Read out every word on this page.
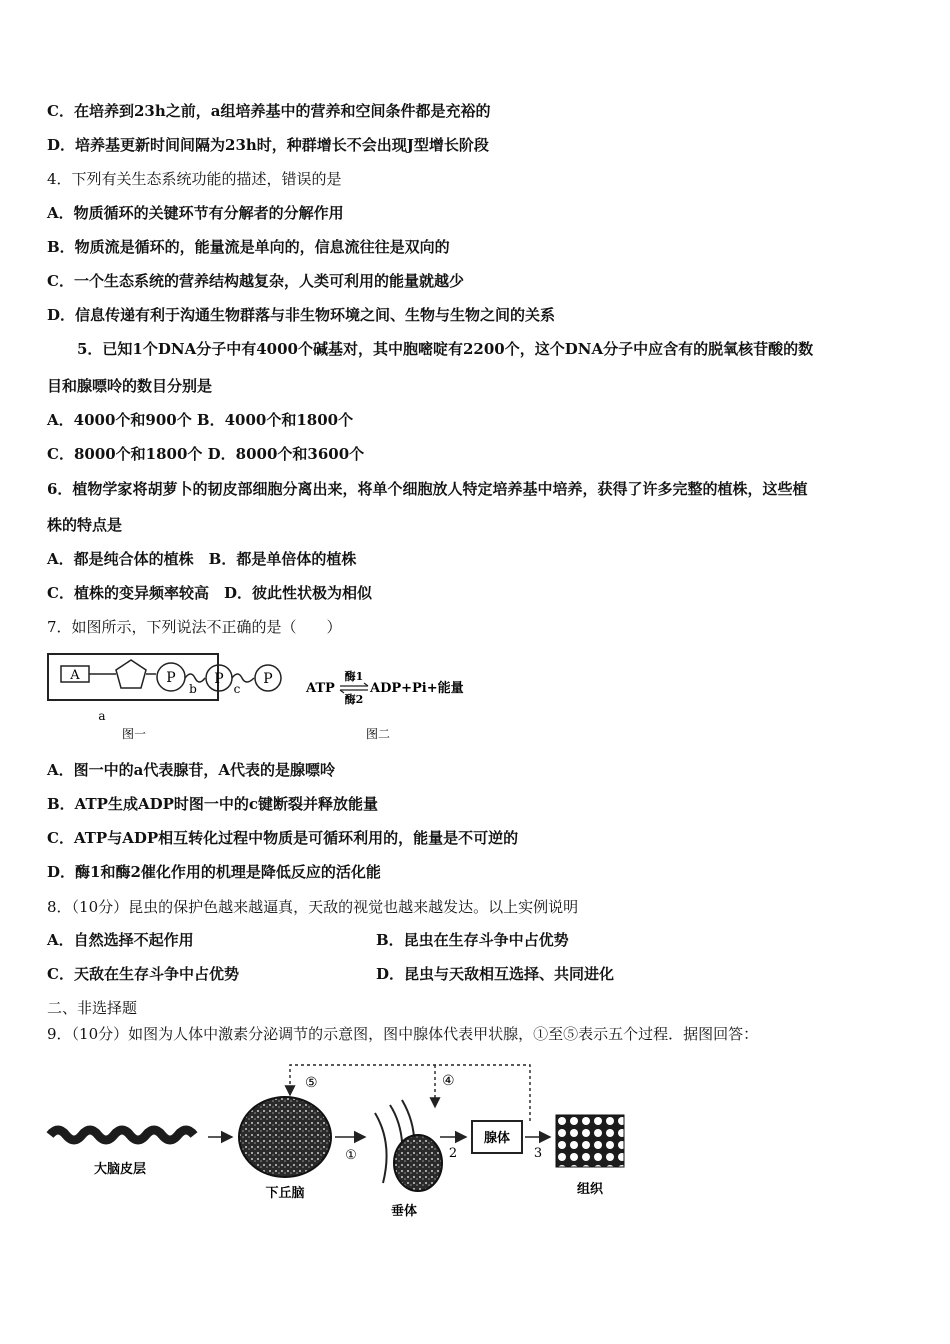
C．在培养到23h之前，a组培养基中的营养和空间条件都是充裕的
D．培养基更新时间间隔为23h时，种群增长不会出现J型增长阶段
4．下列有关生态系统功能的描述，错误的是
A．物质循环的关键环节有分解者的分解作用
B．物质流是循环的，能量流是单向的，信息流往往是双向的
C．一个生态系统的营养结构越复杂，人类可利用的能量就越少
D．信息传递有利于沟通生物群落与非生物环境之间、生物与生物之间的关系
5．已知1个DNA分子中有4000个碱基对，其中胞嘧啶有2200个，这个DNA分子中应含有的脱氧核苷酸的数
目和腺嘌呤的数目分别是
A．4000个和900个 B．4000个和1800个
C．8000个和1800个 D．8000个和3600个
6．植物学家将胡萝卜的韧皮部细胞分离出来，将单个细胞放人特定培养基中培养，获得了许多完整的植株，这些植
株的特点是
A．都是纯合体的植株　B．都是单倍体的植株
C．植株的变异频率较高　D．彼此性状极为相似
7．如图所示，下列说法不正确的是（　　）
A	P	P	P
b	c
a
图一
ATP
酶1
酶2
ADP+Pi+能量
图二
A．图一中的a代表腺苷，A代表的是腺嘌呤
B．ATP生成ADP时图一中的c键断裂并释放能量
C．ATP与ADP相互转化过程中物质是可循环利用的，能量是不可逆的
D．酶1和酶2催化作用的机理是降低反应的活化能
8．（10分）昆虫的保护色越来越逼真，天敌的视觉也越来越发达。以上实例说明
A．自然选择不起作用	B．昆虫在生存斗争中占优势
C．天敌在生存斗争中占优势	D．昆虫与天敌相互选择、共同进化
二、非选择题
9．（10分）如图为人体中激素分泌调节的示意图，图中腺体代表甲状腺，①至⑤表示五个过程．据图回答：
大脑皮层
下丘脑
①
垂体
2
腺体
3
组织
⑤	④
